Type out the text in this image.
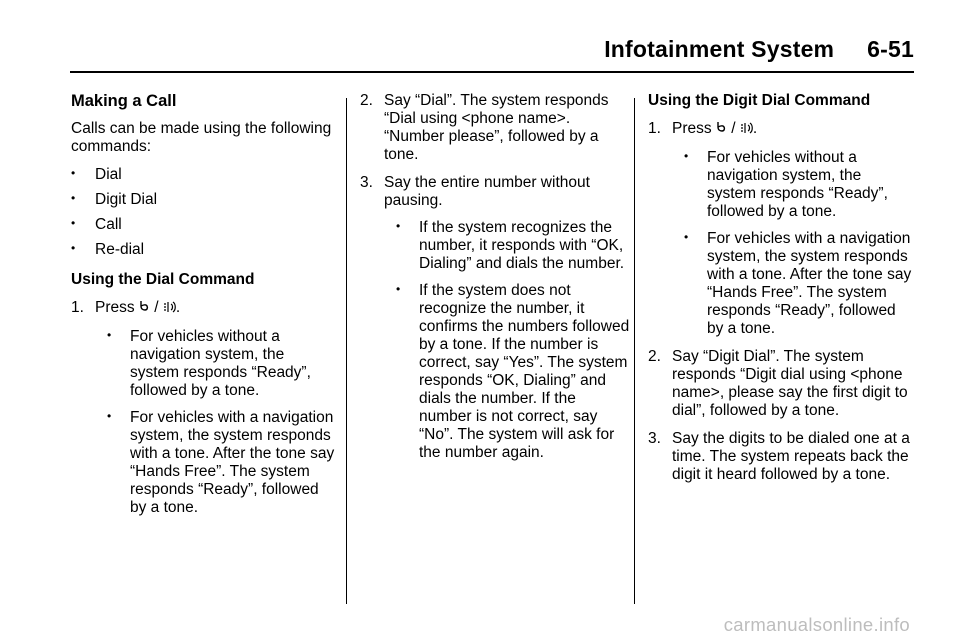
Infotainment System     6-51
Making a Call

Calls can be made using the following commands:

• Dial
• Digit Dial
• Call
• Re-dial

Using the Dial Command

1. Press / .
• For vehicles without a navigation system, the system responds “Ready”, followed by a tone.
• For vehicles with a navigation system, the system responds with a tone. After the tone say “Hands Free”. The system responds “Ready”, followed by a tone.
2. Say “Dial”. The system responds “Dial using <phone name>. “Number please”, followed by a tone.
3. Say the entire number without pausing.
• If the system recognizes the number, it responds with “OK, Dialing” and dials the number.
• If the system does not recognize the number, it confirms the numbers followed by a tone. If the number is correct, say “Yes”. The system responds “OK, Dialing” and dials the number. If the number is not correct, say “No”. The system will ask for the number again.

Using the Digit Dial Command

1. Press / .
• For vehicles without a navigation system, the system responds “Ready”, followed by a tone.
• For vehicles with a navigation system, the system responds with a tone. After the tone say “Hands Free”. The system responds “Ready”, followed by a tone.
2. Say “Digit Dial”. The system responds “Digit dial using <phone name>, please say the first digit to dial”, followed by a tone.
3. Say the digits to be dialed one at a time. The system repeats back the digit it heard followed by a tone.
carmanualsonline.info
